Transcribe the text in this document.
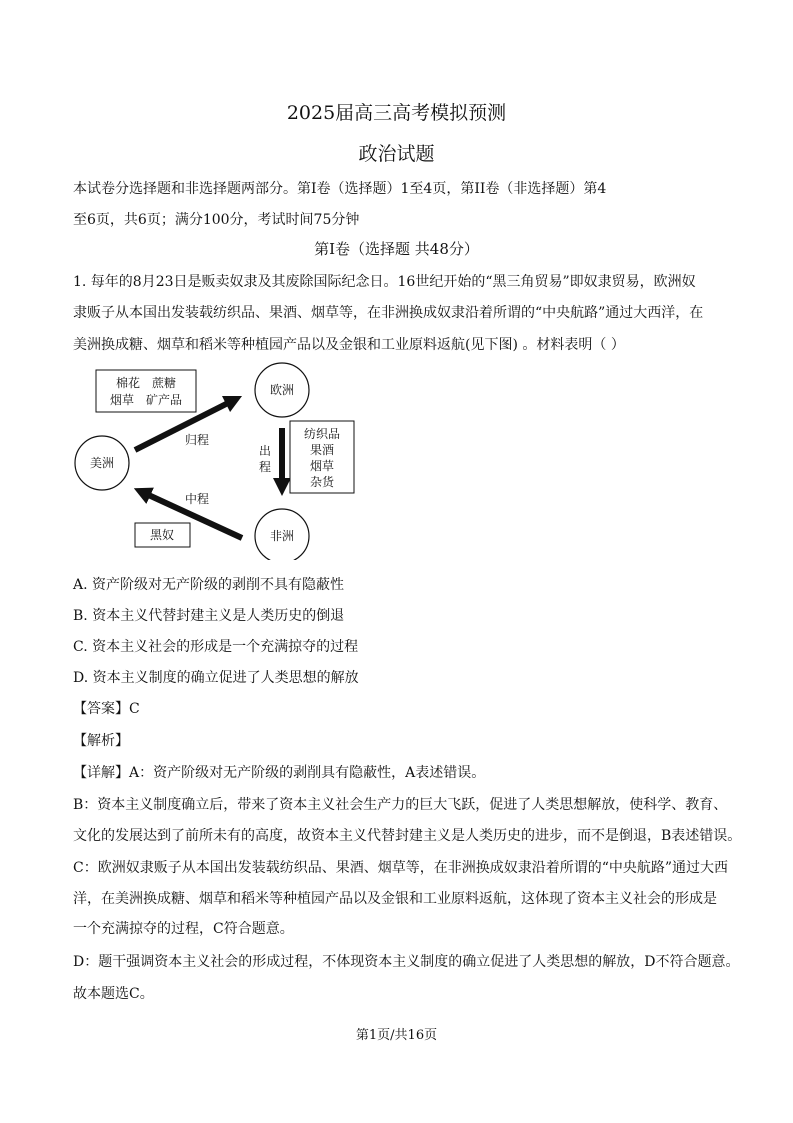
2025届高三高考模拟预测
政治试题
本试卷分选择题和非选择题两部分。第I卷（选择题）1至4页，第II卷（非选择题）第4
至6页，共6页；满分100分，考试时间75分钟
第I卷（选择题 共48分）
1. 每年的8月23日是贩卖奴隶及其废除国际纪念日。16世纪开始的“黑三角贸易”即奴隶贸易，欧洲奴
隶贩子从本国出发装载纺织品、果酒、烟草等，在非洲换成奴隶沿着所谓的“中央航路”通过大西洋，在
美洲换成糖、烟草和稻米等种植园产品以及金银和工业原料返航(见下图) 。材料表明（ ）
欧洲
美洲
非洲
棉花　蔗糖
烟草　矿产品
纺织品
果酒
烟草
杂货
黑奴
归程
出
程
中程
A. 资产阶级对无产阶级的剥削不具有隐蔽性
B. 资本主义代替封建主义是人类历史的倒退
C. 资本主义社会的形成是一个充满掠夺的过程
D. 资本主义制度的确立促进了人类思想的解放
【答案】C
【解析】
【详解】A：资产阶级对无产阶级的剥削具有隐蔽性，A表述错误。
B：资本主义制度确立后，带来了资本主义社会生产力的巨大飞跃，促进了人类思想解放，使科学、教育、
文化的发展达到了前所未有的高度，故资本主义代替封建主义是人类历史的进步，而不是倒退，B表述错误。
C：欧洲奴隶贩子从本国出发装载纺织品、果酒、烟草等，在非洲换成奴隶沿着所谓的“中央航路”通过大西
洋，在美洲换成糖、烟草和稻米等种植园产品以及金银和工业原料返航，这体现了资本主义社会的形成是
一个充满掠夺的过程，C符合题意。
D：题干强调资本主义社会的形成过程，不体现资本主义制度的确立促进了人类思想的解放，D不符合题意。
故本题选C。
第1页/共16页
